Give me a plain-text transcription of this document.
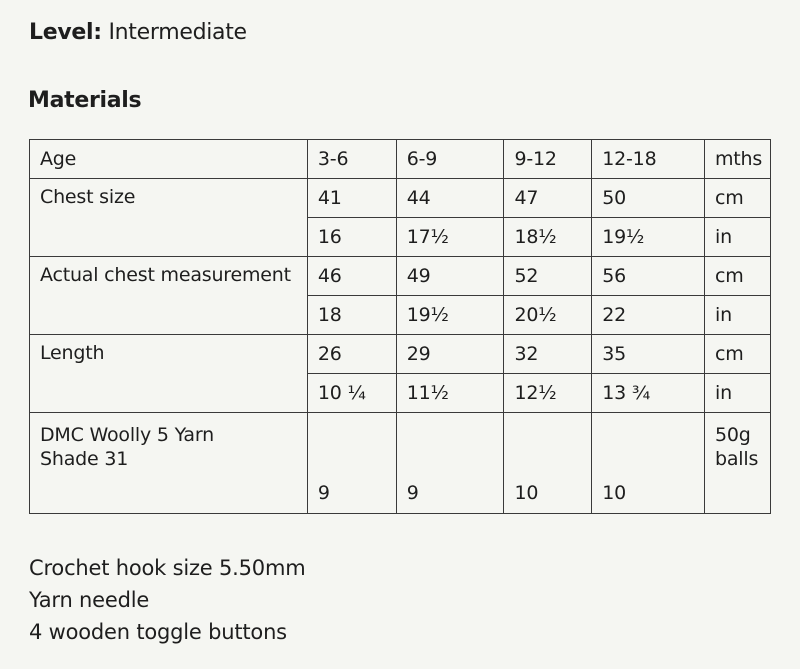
Level: Intermediate
Materials
Age	3-6	6-9	9-12	12-18	mths
Chest size	41	44	47	50	cm
	16	17½	18½	19½	in
Actual chest measurement	46	49	52	56	cm
	18	19½	20½	22	in
Length	26	29	32	35	cm
	10 ¼	11½	12½	13 ¾	in

DMC Woolly 5 Yarn
Shade 31	9	9	10	10	50g
balls
Crochet hook size 5.50mm
Yarn needle
4 wooden toggle buttons
